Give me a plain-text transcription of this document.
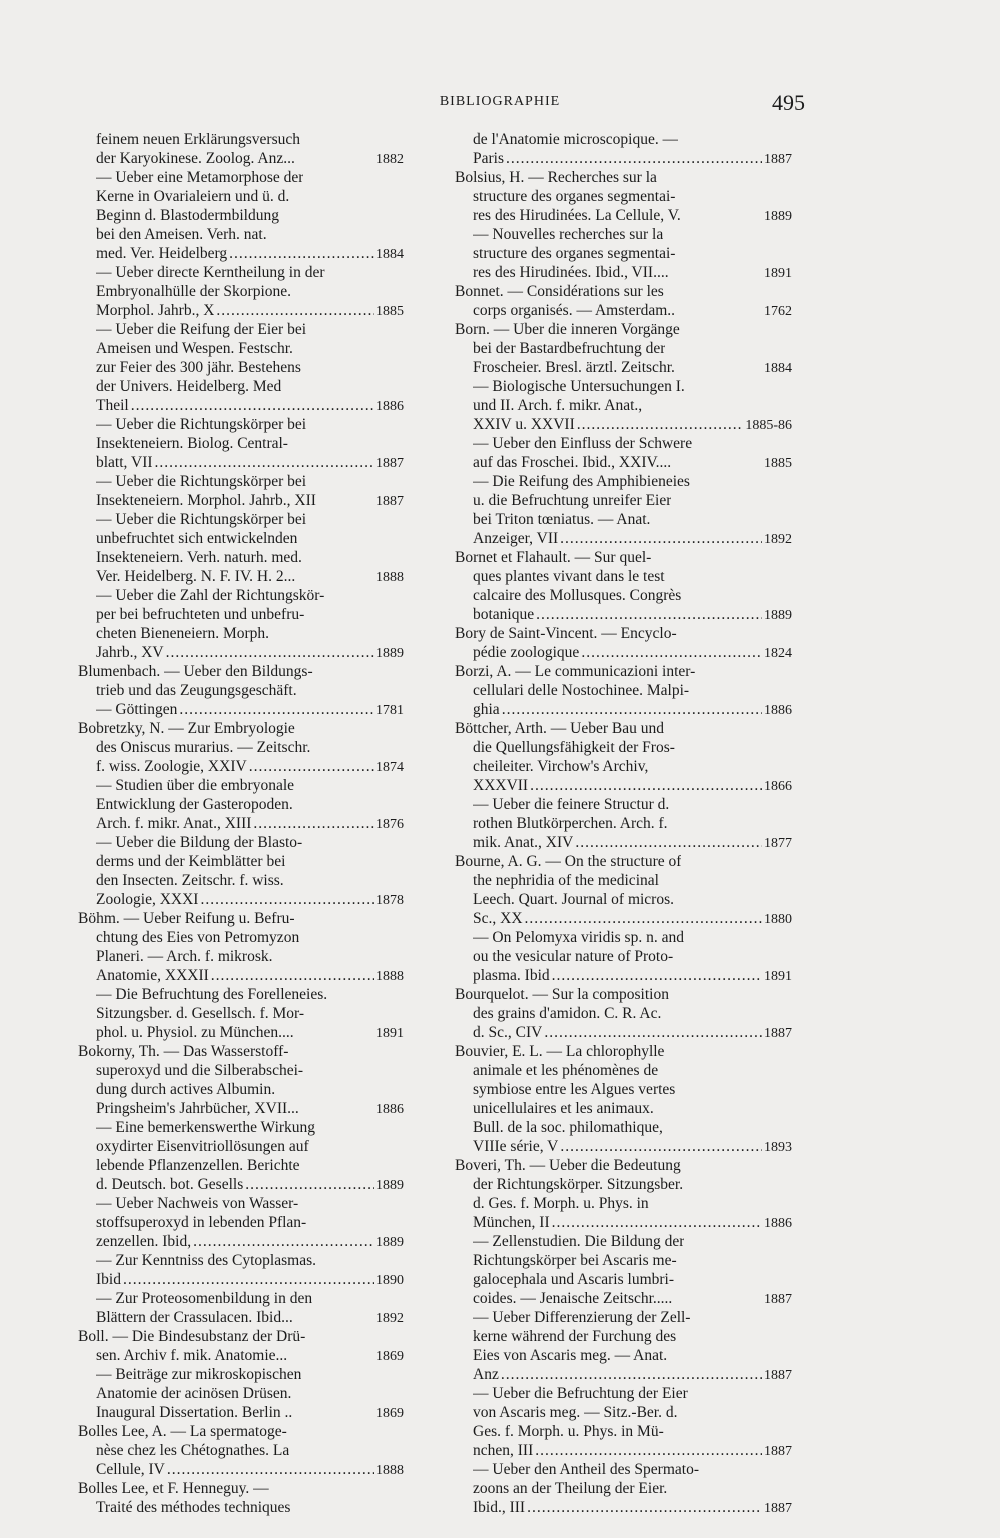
BIBLIOGRAPHIE	495
feinem neuen Erklärungsversuch
der Karyokinese. Zoolog. Anz...	1882
— Ueber eine Metamorphose der
Kerne in Ovarialeiern und ü. d.
Beginn d. Blastodermbildung
bei den Ameisen. Verh. nat.
med. Ver. Heidelberg .....	1884
— Ueber directe Kerntheilung in der
Embryonalhülle der Skorpione.
Morphol. Jahrb., X .....	1885
— Ueber die Reifung der Eier bei
Ameisen und Wespen. Festschr.
zur Feier des 300 jähr. Bestehens
der Univers. Heidelberg. Med
Theil .....	1886
— Ueber die Richtungskörper bei
Insekteneiern. Biolog. Central-
blatt, VII .....	1887
— Ueber die Richtungskörper bei
Insekteneiern. Morphol. Jahrb., XII	1887
— Ueber die Richtungskörper bei
unbefruchtet sich entwickelnden
Insekteneiern. Verh. naturh. med.
Ver. Heidelberg. N. F. IV. H. 2...	1888
— Ueber die Zahl der Richtungskör-
per bei befruchteten und unbefru-
cheten Bieneneiern. Morph.
Jahrb., XV .....	1889
Blumenbach. — Ueber den Bildungs-
trieb und das Zeugungsgeschäft.
— Göttingen .....	1781
Bobretzky, N. — Zur Embryologie
des Oniscus murarius. — Zeitschr.
f. wiss. Zoologie, XXIV .....	1874
— Studien über die embryonale
Entwicklung der Gasteropoden.
Arch. f. mikr. Anat., XIII .....	1876
— Ueber die Bildung der Blasto-
derms und der Keimblätter bei
den Insecten. Zeitschr. f. wiss.
Zoologie, XXXI .....	1878
Böhm. — Ueber Reifung u. Befru-
chtung des Eies von Petromyzon
Planeri. — Arch. f. mikrosk.
Anatomie, XXXII .....	1888
— Die Befruchtung des Forelleneies.
Sitzungsber. d. Gesellsch. f. Mor-
phol. u. Physiol. zu München....	1891
Bokorny, Th. — Das Wasserstoff-
superoxyd und die Silberabschei-
dung durch actives Albumin.
Pringsheim's Jahrbücher, XVII...	1886
— Eine bemerkenswerthe Wirkung
oxydirter Eisenvitriollösungen auf
lebende Pflanzenzellen. Berichte
d. Deutsch. bot. Gesells .....	1889
— Ueber Nachweis von Wasser-
stoffsuperoxyd in lebenden Pflan-
zenzellen. Ibid, .....	1889
— Zur Kenntniss des Cytoplasmas.
Ibid .....	1890
— Zur Proteosomenbildung in den
Blättern der Crassulacen. Ibid...	1892
Boll. — Die Bindesubstanz der Drü-
sen. Archiv f. mik. Anatomie...	1869
— Beiträge zur mikroskopischen
Anatomie der acinösen Drüsen.
Inaugural Dissertation. Berlin ..	1869
Bolles Lee, A. — La spermatoge-
nèse chez les Chétognathes. La
Cellule, IV .....	1888
Bolles Lee, et F. Henneguy. —
Traité des méthodes techniques
de l'Anatomie microscopique. —
Paris .....	1887
Bolsius, H. — Recherches sur la
structure des organes segmentai-
res des Hirudinées. La Cellule, V.	1889
— Nouvelles recherches sur la
structure des organes segmentai-
res des Hirudinées. Ibid., VII....	1891
Bonnet. — Considérations sur les
corps organisés. — Amsterdam..	1762
Born. — Uber die inneren Vorgänge
bei der Bastardbefruchtung der
Froscheier. Bresl. ärztl. Zeitschr.	1884
— Biologische Untersuchungen I.
und II. Arch. f. mikr. Anat.,
XXIV u. XXVII .....	1885-86
— Ueber den Einfluss der Schwere
auf das Froschei. Ibid., XXIV....	1885
— Die Reifung des Amphibieneies
u. die Befruchtung unreifer Eier
bei Triton tœniatus. — Anat.
Anzeiger, VII .....	1892
Bornet et Flahault. — Sur quel-
ques plantes vivant dans le test
calcaire des Mollusques. Congrès
botanique .....	1889
Bory de Saint-Vincent. — Encyclo-
pédie zoologique .....	1824
Borzi, A. — Le communicazioni inter-
cellulari delle Nostochinee. Malpi-
ghia .....	1886
Böttcher, Arth. — Ueber Bau und
die Quellungsfähigkeit der Fros-
cheileiter. Virchow's Archiv,
XXXVII .....	1866
— Ueber die feinere Structur d.
rothen Blutkörperchen. Arch. f.
mik. Anat., XIV .....	1877
Bourne, A. G. — On the structure of
the nephridia of the medicinal
Leech. Quart. Journal of micros.
Sc., XX .....	1880
— On Pelomyxa viridis sp. n. and
ou the vesicular nature of Proto-
plasma. Ibid .....	1891
Bourquelot. — Sur la composition
des grains d'amidon. C. R. Ac.
d. Sc., CIV .....	1887
Bouvier, E. L. — La chlorophylle
animale et les phénomènes de
symbiose entre les Algues vertes
unicellulaires et les animaux.
Bull. de la soc. philomathique,
VIIIe série, V .....	1893
Boveri, Th. — Ueber die Bedeutung
der Richtungskörper. Sitzungsber.
d. Ges. f. Morph. u. Phys. in
München, II .....	1886
— Zellenstudien. Die Bildung der
Richtungskörper bei Ascaris me-
galocephala und Ascaris lumbri-
coides. — Jenaische Zeitschr.....	1887
— Ueber Differenzierung der Zell-
kerne während der Furchung des
Eies von Ascaris meg. — Anat.
Anz .....	1887
— Ueber die Befruchtung der Eier
von Ascaris meg. — Sitz.-Ber. d.
Ges. f. Morph. u. Phys. in Mü-
nchen, III .....	1887
— Ueber den Antheil des Spermato-
zoons an der Theilung der Eier.
Ibid., III .....	1887
